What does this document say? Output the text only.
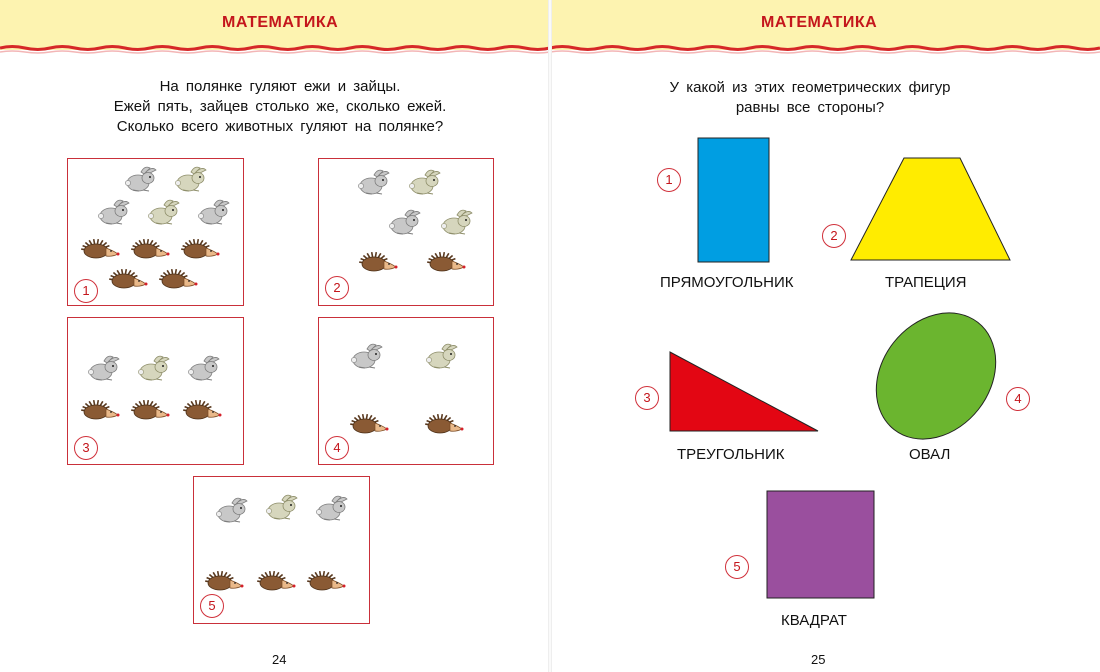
МАТЕМАТИКА	МАТЕМАТИКА
На полянке гуляют ежи и зайцы.
Ежей пять, зайцев столько же, сколько ежей.
Сколько всего животных гуляют на полянке?
1	2
3	4
5
24
У какой из этих геометрических фигур
равны все стороны?
1
2
3	4
5
ПРЯМОУГОЛЬНИК	ТРАПЕЦИЯ
ТРЕУГОЛЬНИК	ОВАЛ
КВАДРАТ
25
